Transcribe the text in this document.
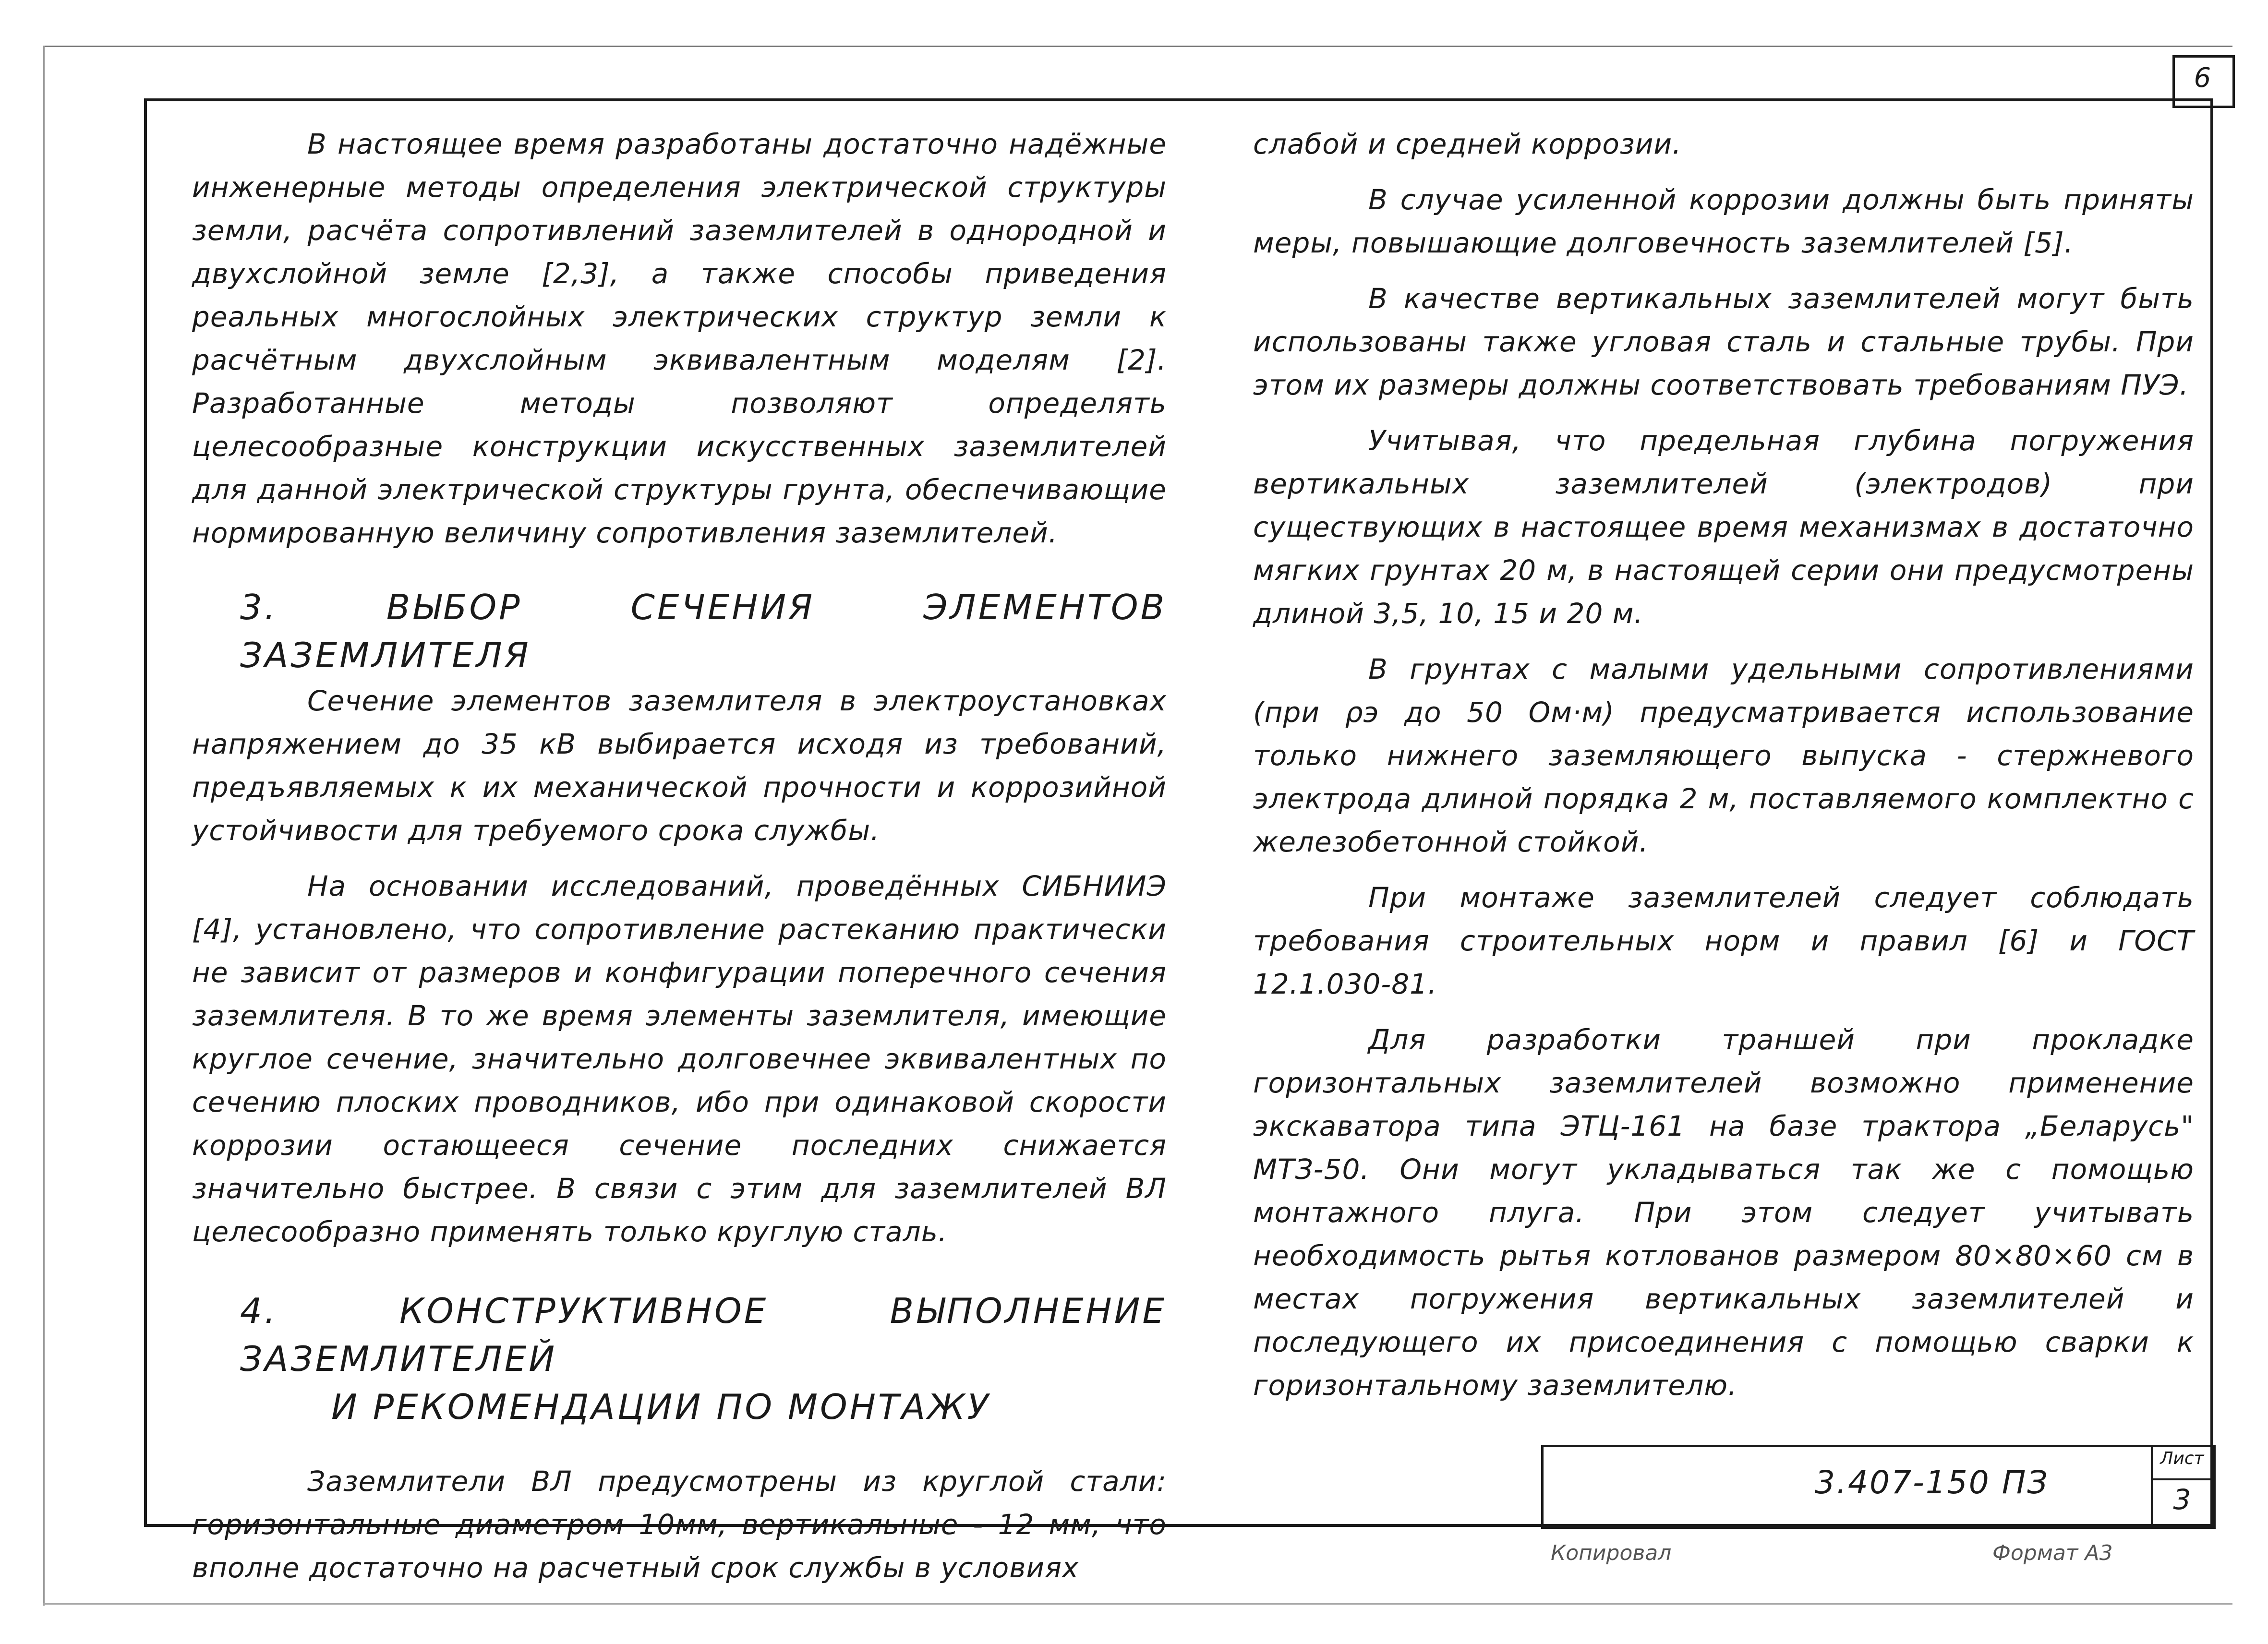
6

В настоящее время разработаны достаточно надёжные инженерные методы определения электрической структуры земли, расчёта сопротивлений заземлителей в однородной и двухслойной земле [2,3], а также способы приведения реальных многослойных электрических структур земли к расчётным двухслойным эквивалентным моделям [2]. Разработанные методы позволяют определять целесообразные конструкции искусственных заземлителей для данной электрической структуры грунта, обеспечивающие нормированную величину сопротивления заземлителей.

3. ВЫБОР СЕЧЕНИЯ ЭЛЕМЕНТОВ ЗАЗЕМЛИТЕЛЯ

Сечение элементов заземлителя в электроустановках напряжением до 35 кВ выбирается исходя из требований, предъявляемых к их механической прочности и коррозийной устойчивости для требуемого срока службы.

На основании исследований, проведённых СИБНИИЭ [4], установлено, что сопротивление растеканию практически не зависит от размеров и конфигурации поперечного сечения заземлителя. В то же время элементы заземлителя, имеющие круглое сечение, значительно долговечнее эквивалентных по сечению плоских проводников, ибо при одинаковой скорости коррозии остающееся сечение последних снижается значительно быстрее. В связи с этим для заземлителей ВЛ целесообразно применять только круглую сталь.

4. КОНСТРУКТИВНОЕ ВЫПОЛНЕНИЕ ЗАЗЕМЛИТЕЛЕЙ

И РЕКОМЕНДАЦИИ ПО МОНТАЖУ

Заземлители ВЛ предусмотрены из круглой стали: горизонтальные диаметром 10мм, вертикальные - 12 мм, что вполне достаточно на расчетный срок службы в условиях

слабой и средней коррозии.

В случае усиленной коррозии должны быть приняты меры, повышающие долговечность заземлителей [5].

В качестве вертикальных заземлителей могут быть использованы также угловая сталь и стальные трубы. При этом их размеры должны соответствовать требованиям ПУЭ.

Учитывая, что предельная глубина погружения вертикальных заземлителей (электродов) при существующих в настоящее время механизмах в достаточно мягких грунтах 20 м, в настоящей серии они предусмотрены длиной 3,5, 10, 15 и 20 м.

В грунтах с малыми удельными сопротивлениями (при ρэ до 50 Ом·м) предусматривается использование только нижнего заземляющего выпуска - стержневого электрода длиной порядка 2 м, поставляемого комплектно с железобетонной стойкой.

При монтаже заземлителей следует соблюдать требования строительных норм и правил [6] и ГОСТ 12.1.030-81.

Для разработки траншей при прокладке горизонтальных заземлителей возможно применение экскаватора типа ЭТЦ-161 на базе трактора „Беларусь" МТЗ-50. Они могут укладываться так же с помощью монтажного плуга. При этом следует учитывать необходимость рытья котлованов размером 80×80×60 см в местах погружения вертикальных заземлителей и последующего их присоединения с помощью сварки к горизонтальному заземлителю.

3.407-150 ПЗ
Лист
3
Копировал	Формат А3
